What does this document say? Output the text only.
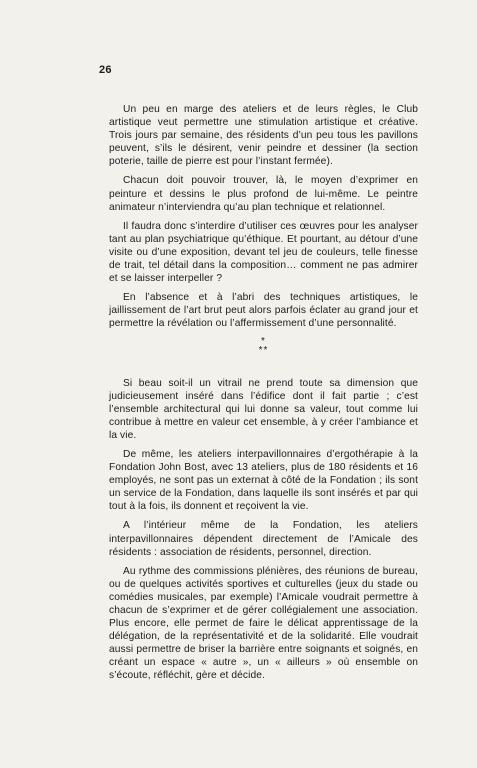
26

Un peu en marge des ateliers et de leurs règles, le Club artistique veut permettre une stimulation artistique et créative. Trois jours par semaine, des résidents d’un peu tous les pavillons peuvent, s’ils le désirent, venir peindre et dessiner (la section poterie, taille de pierre est pour l’instant fermée).

Chacun doit pouvoir trouver, là, le moyen d’exprimer en peinture et dessins le plus profond de lui-même. Le peintre animateur n’interviendra qu’au plan technique et relationnel.

Il faudra donc s’interdire d’utiliser ces œuvres pour les analyser tant au plan psychiatrique qu’éthique. Et pourtant, au détour d’une visite ou d’une exposition, devant tel jeu de couleurs, telle finesse de trait, tel détail dans la composition… comment ne pas admirer et se laisser interpeller ?

En l’absence et à l’abri des techniques artistiques, le jaillissement de l’art brut peut alors parfois éclater au grand jour et permettre la révélation ou l’affermissement d’une personnalité.

*
**

Si beau soit-il un vitrail ne prend toute sa dimension que judicieusement inséré dans l’édifice dont il fait partie ; c’est l’ensemble architectural qui lui donne sa valeur, tout comme lui contribue à mettre en valeur cet ensemble, à y créer l’ambiance et la vie.

De même, les ateliers interpavillonnaires d’ergothérapie à la Fondation John Bost, avec 13 ateliers, plus de 180 résidents et 16 employés, ne sont pas un externat à côté de la Fondation ; ils sont un service de la Fondation, dans laquelle ils sont insérés et par qui tout à la fois, ils donnent et reçoivent la vie.

A l’intérieur même de la Fondation, les ateliers interpavillonnaires dépendent directement de l’Amicale des résidents : association de résidents, personnel, direction.

Au rythme des commissions plénières, des réunions de bureau, ou de quelques activités sportives et culturelles (jeux du stade ou comédies musicales, par exemple) l’Amicale voudrait permettre à chacun de s’exprimer et de gérer collégialement une association. Plus encore, elle permet de faire le délicat apprentissage de la délégation, de la représentativité et de la solidarité. Elle voudrait aussi permettre de briser la barrière entre soignants et soignés, en créant un espace « autre », un « ailleurs » où ensemble on s’écoute, réfléchit, gère et décide.
